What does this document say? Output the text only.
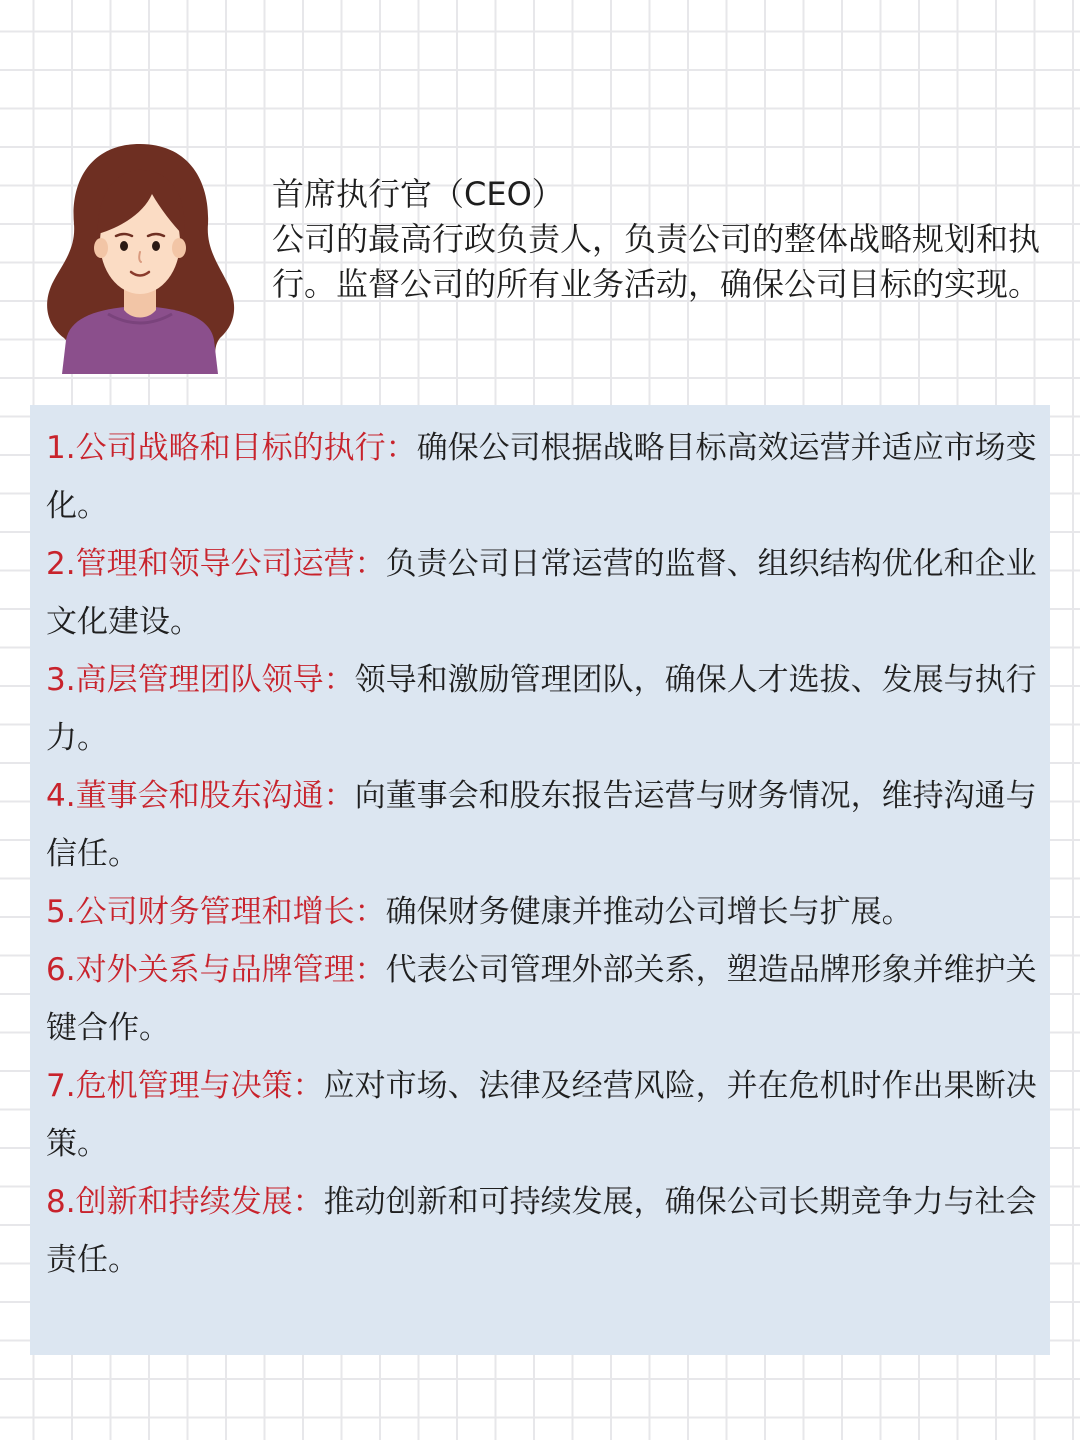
首席执行官（CEO）
公司的最高行政负责人，负责公司的整体战略规划和执行。监督公司的所有业务活动，确保公司目标的实现。
1.公司战略和目标的执行：确保公司根据战略目标高效运营并适应市场变化。
2.管理和领导公司运营：负责公司日常运营的监督、组织结构优化和企业文化建设。
3.高层管理团队领导：领导和激励管理团队，确保人才选拔、发展与执行力。
4.董事会和股东沟通：向董事会和股东报告运营与财务情况，维持沟通与信任。
5.公司财务管理和增长：确保财务健康并推动公司增长与扩展。
6.对外关系与品牌管理：代表公司管理外部关系，塑造品牌形象并维护关键合作。
7.危机管理与决策：应对市场、法律及经营风险，并在危机时作出果断决策。
8.创新和持续发展：推动创新和可持续发展，确保公司长期竞争力与社会责任。
